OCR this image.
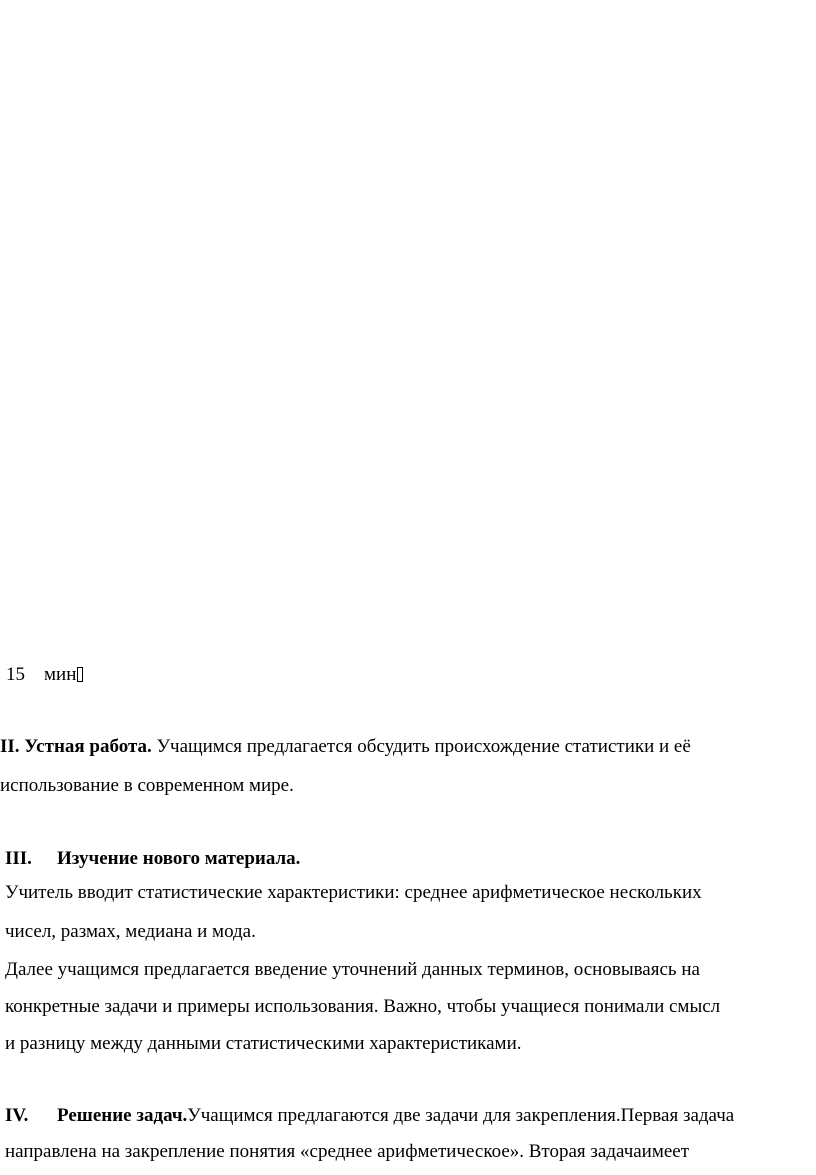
15 мин
II. Устная работа. Учащимся предлагается обсудить происхождение статистики и её
использование в современном мире.
III. Изучение нового материала.
Учитель вводит статистические характеристики: среднее арифметическое нескольких
чисел, размах, медиана и мода.
Далее учащимся предлагается введение уточнений данных терминов, основываясь на
конкретные задачи и примеры использования. Важно, чтобы учащиеся понимали смысл
и разницу между данными статистическими характеристиками.
IV. Решение задач.Учащимся предлагаются две задачи для закрепления.Первая задача
направлена на закрепление понятия «среднее арифметическое». Вторая задачаимеет
